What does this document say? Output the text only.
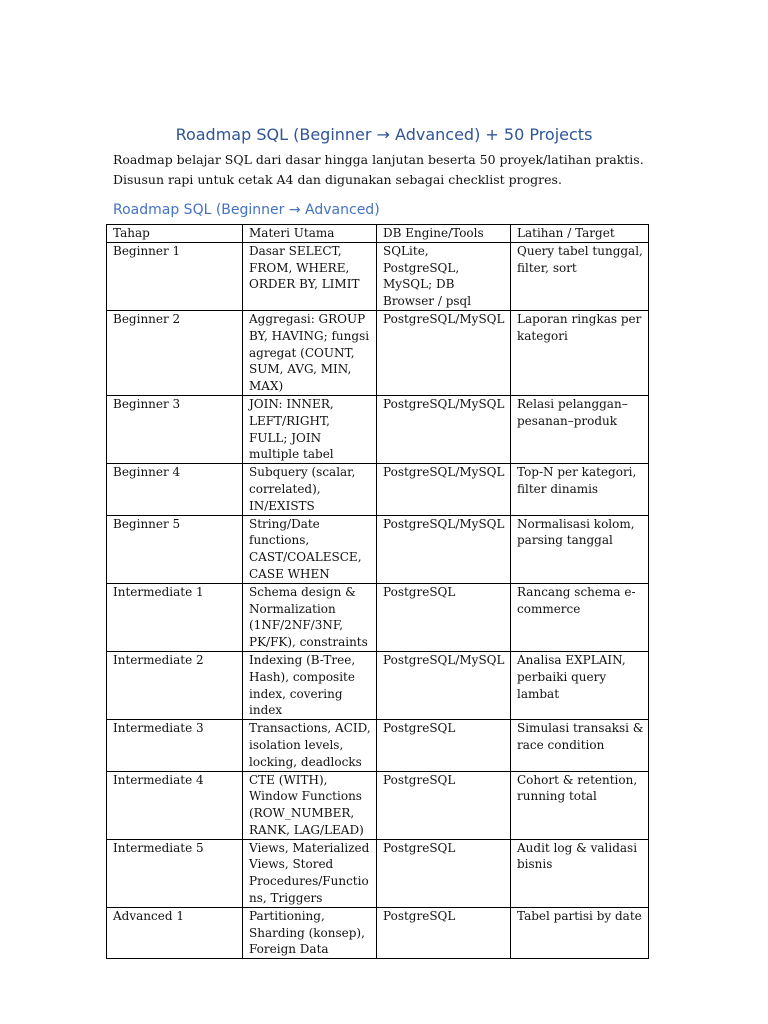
Roadmap SQL (Beginner → Advanced) + 50 Projects

Roadmap belajar SQL dari dasar hingga lanjutan beserta 50 proyek/latihan praktis. Disusun rapi untuk cetak A4 dan digunakan sebagai checklist progres.

Roadmap SQL (Beginner → Advanced)
Tahap	Materi Utama	DB Engine/Tools	Latihan / Target
Beginner 1	Dasar SELECT, FROM, WHERE, ORDER BY, LIMIT	SQLite, PostgreSQL, MySQL; DB Browser / psql	Query tabel tunggal, filter, sort
Beginner 2	Aggregasi: GROUP BY, HAVING; fungsi agregat (COUNT, SUM, AVG, MIN, MAX)	PostgreSQL/MySQL	Laporan ringkas per kategori
Beginner 3	JOIN: INNER, LEFT/RIGHT, FULL; JOIN multiple tabel	PostgreSQL/MySQL	Relasi pelanggan–pesanan–produk
Beginner 4	Subquery (scalar, correlated), IN/EXISTS	PostgreSQL/MySQL	Top-N per kategori, filter dinamis
Beginner 5	String/Date functions, CAST/COALESCE, CASE WHEN	PostgreSQL/MySQL	Normalisasi kolom, parsing tanggal
Intermediate 1	Schema design & Normalization (1NF/2NF/3NF, PK/FK), constraints	PostgreSQL	Rancang schema e-commerce
Intermediate 2	Indexing (B-Tree, Hash), composite index, covering index	PostgreSQL/MySQL	Analisa EXPLAIN, perbaiki query lambat
Intermediate 3	Transactions, ACID, isolation levels, locking, deadlocks	PostgreSQL	Simulasi transaksi & race condition
Intermediate 4	CTE (WITH), Window Functions (ROW_NUMBER, RANK, LAG/LEAD)	PostgreSQL	Cohort & retention, running total
Intermediate 5	Views, Materialized Views, Stored Procedures/Functions, Triggers	PostgreSQL	Audit log & validasi bisnis
Advanced 1	Partitioning, Sharding (konsep), Foreign Data	PostgreSQL	Tabel partisi by date
